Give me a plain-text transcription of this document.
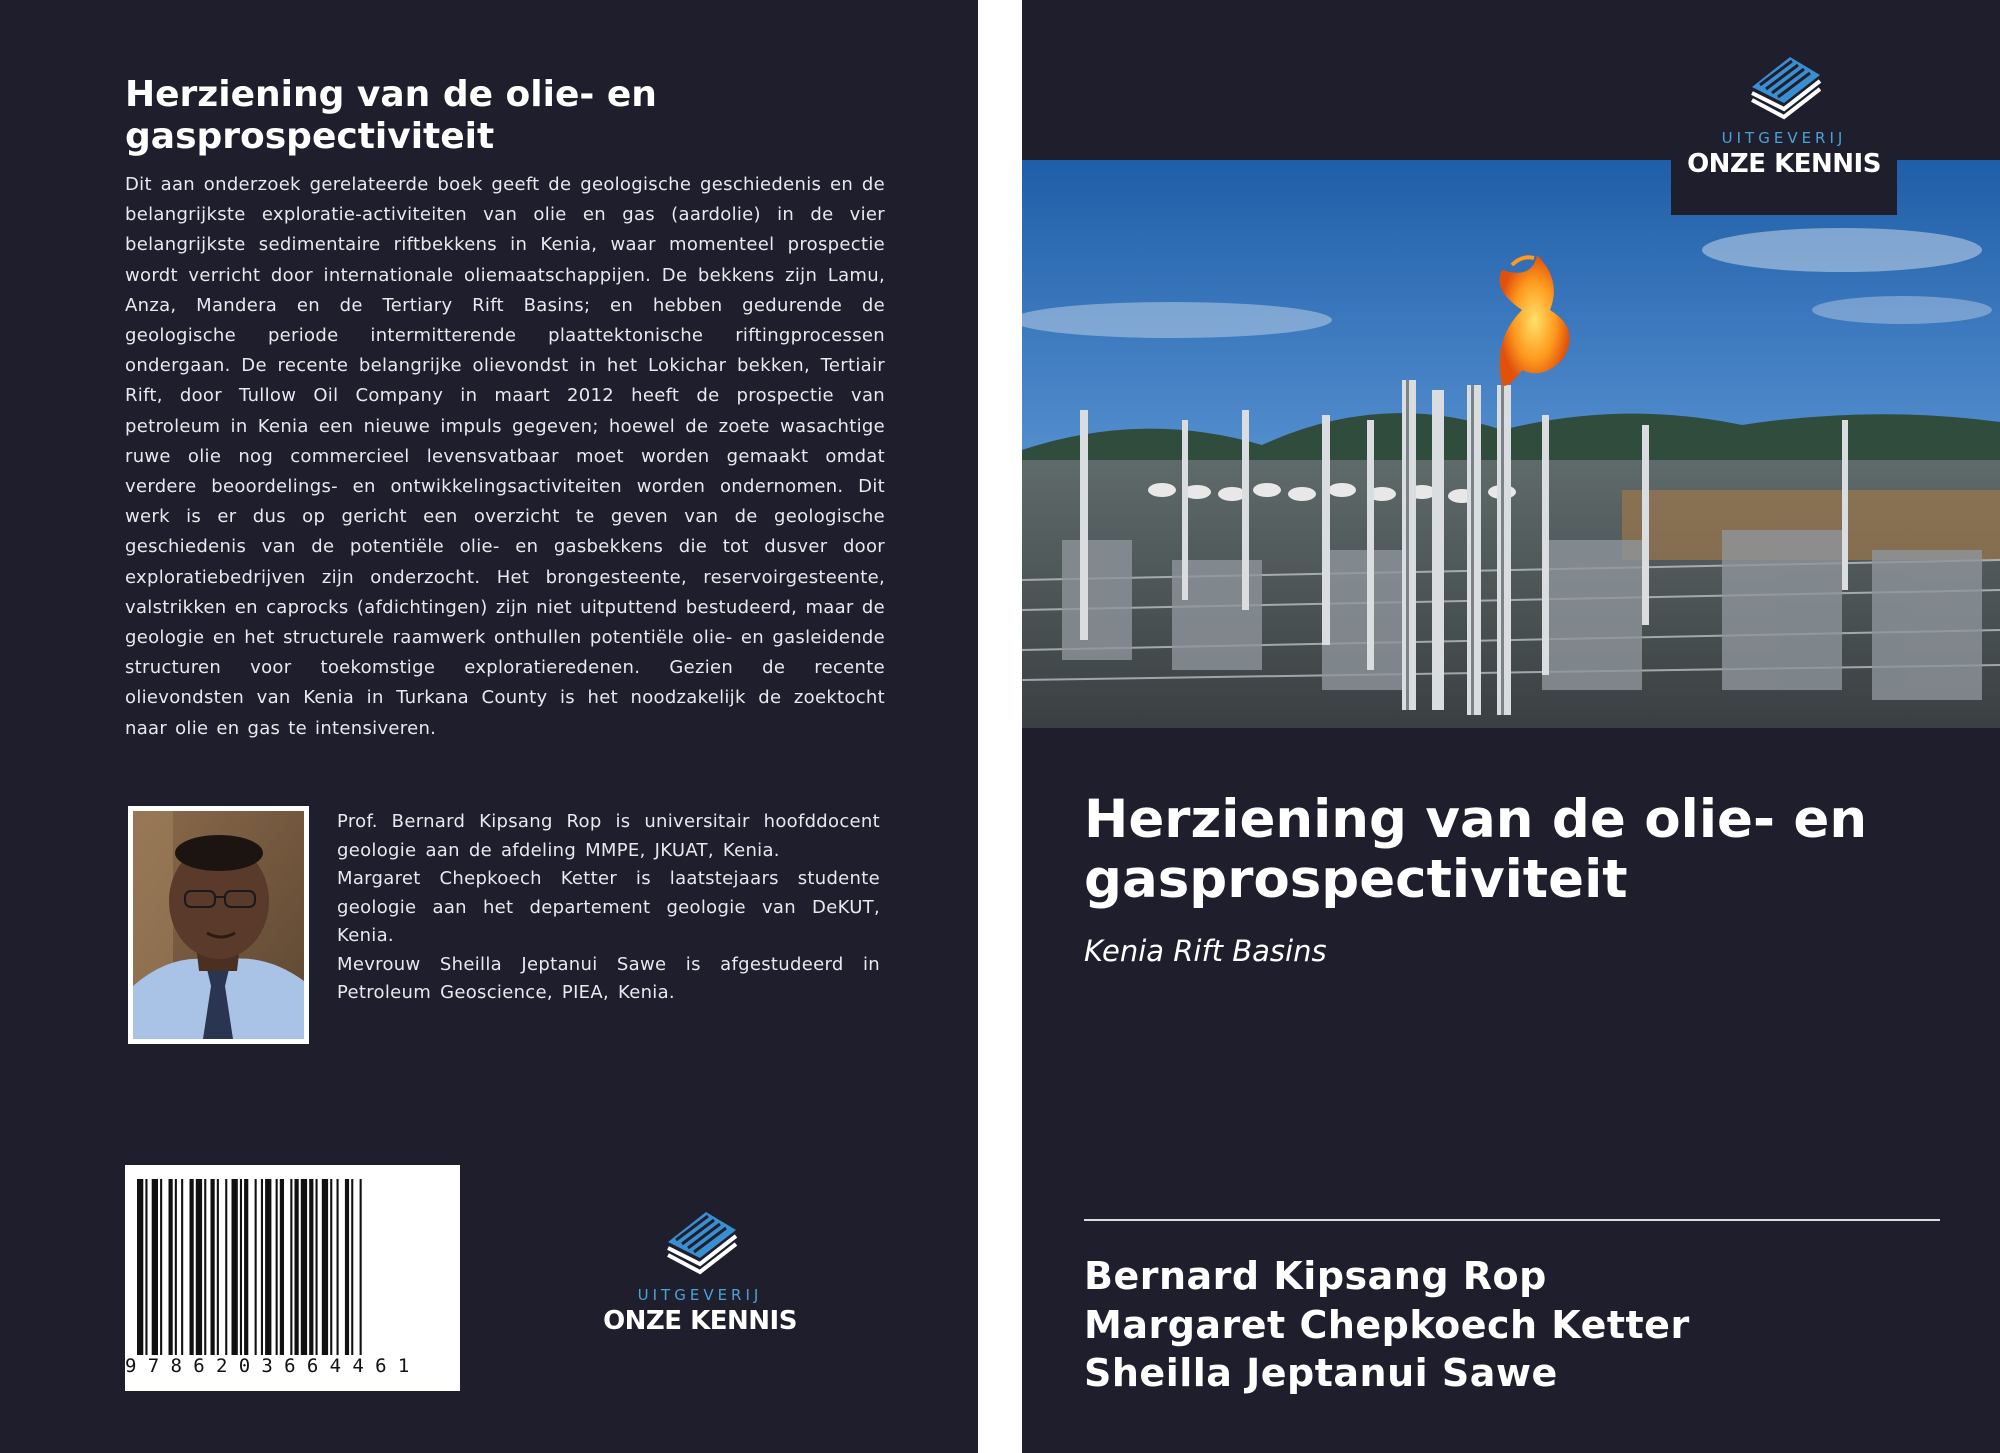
Herziening van de olie- en gasprospectiviteit

Dit aan onderzoek gerelateerde boek geeft de geologische geschiedenis en de belangrijkste exploratie-activiteiten van olie en gas (aardolie) in de vier belangrijkste sedimentaire riftbekkens in Kenia, waar momenteel prospectie wordt verricht door internationale oliemaatschappijen. De bekkens zijn Lamu, Anza, Mandera en de Tertiary Rift Basins; en hebben gedurende de geologische periode intermitterende plaattektonische riftingprocessen ondergaan. De recente belangrijke olievondst in het Lokichar bekken, Tertiair Rift, door Tullow Oil Company in maart 2012 heeft de prospectie van petroleum in Kenia een nieuwe impuls gegeven; hoewel de zoete wasachtige ruwe olie nog commercieel levensvatbaar moet worden gemaakt omdat verdere beoordelings- en ontwikkelingsactiviteiten worden ondernomen. Dit werk is er dus op gericht een overzicht te geven van de geologische geschiedenis van de potentiële olie- en gasbekkens die tot dusver door exploratiebedrijven zijn onderzocht. Het brongesteente, reservoirgesteente, valstrikken en caprocks (afdichtingen) zijn niet uitputtend bestudeerd, maar de geologie en het structurele raamwerk onthullen potentiële olie- en gasleidende structuren voor toekomstige exploratieredenen. Gezien de recente olievondsten van Kenia in Turkana County is het noodzakelijk de zoektocht naar olie en gas te intensiveren.

Prof. Bernard Kipsang Rop is universitair hoofddocent geologie aan de afdeling MMPE, JKUAT, Kenia.

Margaret Chepkoech Ketter is laatstejaars studente geologie aan het departement geologie van DeKUT, Kenia.

Mevrouw Sheilla Jeptanui Sawe is afgestudeerd in Petroleum Geoscience, PIEA, Kenia.

9786203664461
UITGEVERIJ
ONZE KENNIS
UITGEVERIJ
ONZE KENNIS
Herziening van de olie- en gasprospectiviteit

Kenia Rift Basins

Bernard Kipsang Rop
Margaret Chepkoech Ketter
Sheilla Jeptanui Sawe
